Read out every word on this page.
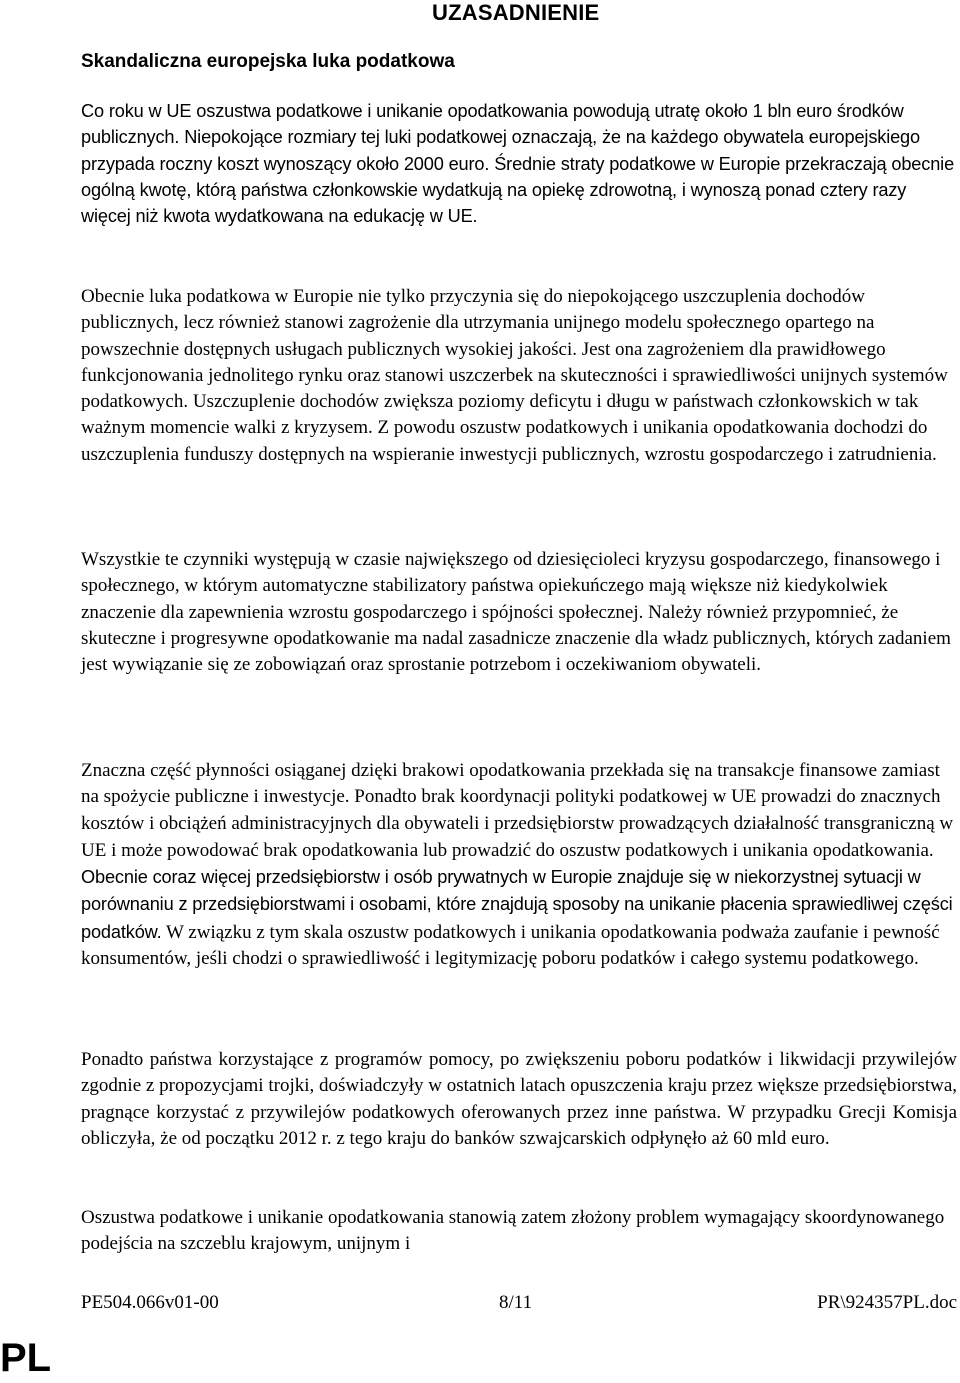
UZASADNIENIE
Skandaliczna europejska luka podatkowa

Co roku w UE oszustwa podatkowe i unikanie opodatkowania powodują utratę około 1 bln euro środków publicznych. Niepokojące rozmiary tej luki podatkowej oznaczają, że na każdego obywatela europejskiego przypada roczny koszt wynoszący około 2000 euro. Średnie straty podatkowe w Europie przekraczają obecnie ogólną kwotę, którą państwa członkowskie wydatkują na opiekę zdrowotną, i wynoszą ponad cztery razy więcej niż kwota wydatkowana na edukację w UE.

Obecnie luka podatkowa w Europie nie tylko przyczynia się do niepokojącego uszczuplenia dochodów publicznych, lecz również stanowi zagrożenie dla utrzymania unijnego modelu społecznego opartego na powszechnie dostępnych usługach publicznych wysokiej jakości. Jest ona zagrożeniem dla prawidłowego funkcjonowania jednolitego rynku oraz stanowi uszczerbek na skuteczności i sprawiedliwości unijnych systemów podatkowych. Uszczuplenie dochodów zwiększa poziomy deficytu i długu w państwach członkowskich w tak ważnym momencie walki z kryzysem. Z powodu oszustw podatkowych i unikania opodatkowania dochodzi do uszczuplenia funduszy dostępnych na wspieranie inwestycji publicznych, wzrostu gospodarczego i zatrudnienia.

Wszystkie te czynniki występują w czasie największego od dziesięcioleci kryzysu gospodarczego, finansowego i społecznego, w którym automatyczne stabilizatory państwa opiekuńczego mają większe niż kiedykolwiek znaczenie dla zapewnienia wzrostu gospodarczego i spójności społecznej. Należy również przypomnieć, że skuteczne i progresywne opodatkowanie ma nadal zasadnicze znaczenie dla władz publicznych, których zadaniem jest wywiązanie się ze zobowiązań oraz sprostanie potrzebom i oczekiwaniom obywateli.

Znaczna część płynności osiąganej dzięki brakowi opodatkowania przekłada się na transakcje finansowe zamiast na spożycie publiczne i inwestycje. Ponadto brak koordynacji polityki podatkowej w UE prowadzi do znacznych kosztów i obciążeń administracyjnych dla obywateli i przedsiębiorstw prowadzących działalność transgraniczną w UE i może powodować brak opodatkowania lub prowadzić do oszustw podatkowych i unikania opodatkowania. Obecnie coraz więcej przedsiębiorstw i osób prywatnych w Europie znajduje się w niekorzystnej sytuacji w porównaniu z przedsiębiorstwami i osobami, które znajdują sposoby na unikanie płacenia sprawiedliwej części podatków. W związku z tym skala oszustw podatkowych i unikania opodatkowania podważa zaufanie i pewność konsumentów, jeśli chodzi o sprawiedliwość i legitymizację poboru podatków i całego systemu podatkowego.

Ponadto państwa korzystające z programów pomocy, po zwiększeniu poboru podatków i likwidacji przywilejów zgodnie z propozycjami trojki, doświadczyły w ostatnich latach opuszczenia kraju przez większe przedsiębiorstwa, pragnące korzystać z przywilejów podatkowych oferowanych przez inne państwa. W przypadku Grecji Komisja obliczyła, że od początku 2012 r. z tego kraju do banków szwajcarskich odpłynęło aż 60 mld euro.

Oszustwa podatkowe i unikanie opodatkowania stanowią zatem złożony problem wymagający skoordynowanego podejścia na szczeblu krajowym, unijnym i

PE504.066v01-00	8/11	PR\924357PL.doc
PL
